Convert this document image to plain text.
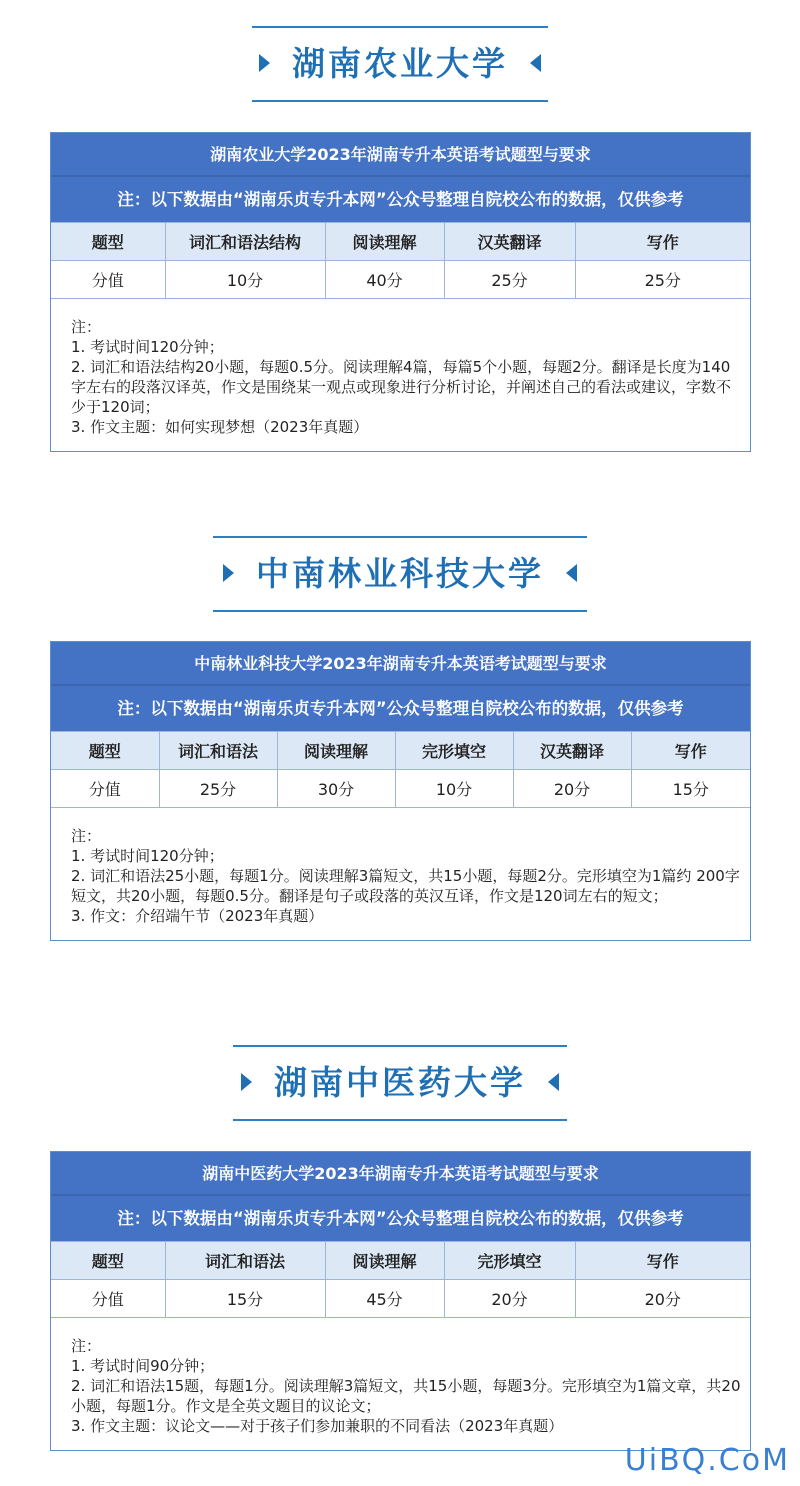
湖南农业大学
湖南农业大学2023年湖南专升本英语考试题型与要求
注：以下数据由“湖南乐贞专升本网”公众号整理自院校公布的数据，仅供参考
题型	词汇和语法结构	阅读理解	汉英翻译	写作
分值	10分	40分	25分	25分

注：

1. 考试时间120分钟；

2. 词汇和语法结构20小题，每题0.5分。阅读理解4篇，每篇5个小题，每题2分。翻译是长度为140字左右的段落汉译英，作文是围绕某一观点或现象进行分析讨论，并阐述自己的看法或建议，字数不少于120词；

3. 作文主题：如何实现梦想（2023年真题）

中南林业科技大学
中南林业科技大学2023年湖南专升本英语考试题型与要求
注：以下数据由“湖南乐贞专升本网”公众号整理自院校公布的数据，仅供参考
题型	词汇和语法	阅读理解	完形填空	汉英翻译	写作
分值	25分	30分	10分	20分	15分

注：

1. 考试时间120分钟；

2. 词汇和语法25小题，每题1分。阅读理解3篇短文，共15小题，每题2分。完形填空为1篇约 200字短文，共20小题，每题0.5分。翻译是句子或段落的英汉互译，作文是120词左右的短文；

3. 作文：介绍端午节（2023年真题）

湖南中医药大学
湖南中医药大学2023年湖南专升本英语考试题型与要求
注：以下数据由“湖南乐贞专升本网”公众号整理自院校公布的数据，仅供参考
题型	词汇和语法	阅读理解	完形填空	写作
分值	15分	45分	20分	20分

注：

1. 考试时间90分钟；

2. 词汇和语法15题，每题1分。阅读理解3篇短文，共15小题，每题3分。完形填空为1篇文章，共20小题，每题1分。作文是全英文题目的议论文；

3. 作文主题：议论文——对于孩子们参加兼职的不同看法（2023年真题）

UiBQ.CoM
